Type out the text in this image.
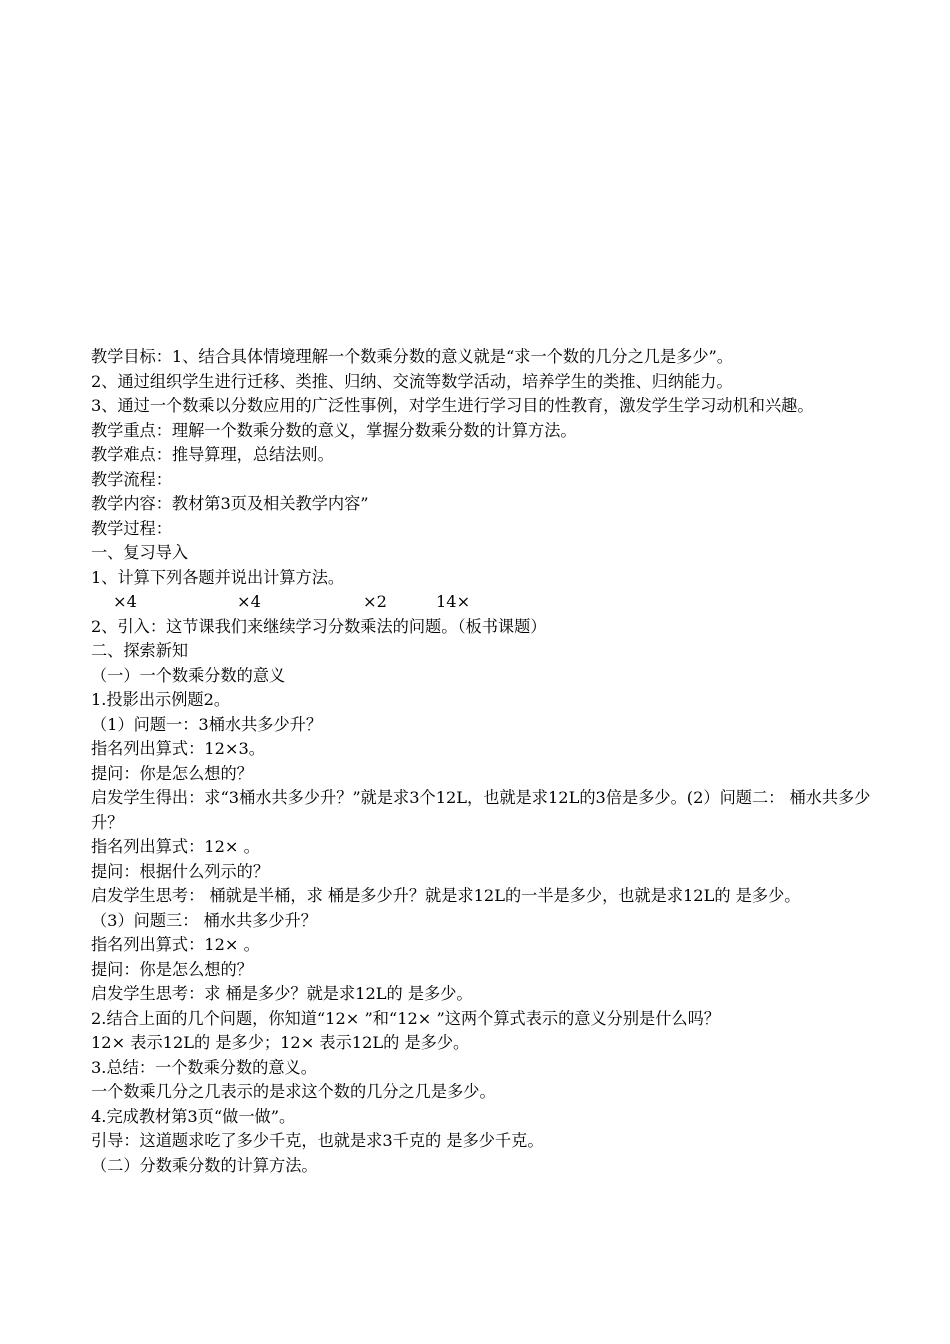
教学目标：1、结合具体情境理解一个数乘分数的意义就是“求一个数的几分之几是多少”。
2、通过组织学生进行迁移、类推、归纳、交流等数学活动，培养学生的类推、归纳能力。
3、通过一个数乘以分数应用的广泛性事例，对学生进行学习目的性教育，激发学生学习动机和兴趣。
教学重点：理解一个数乘分数的意义，掌握分数乘分数的计算方法。
教学难点：推导算理，总结法则。
教学流程：
教学内容：教材第3页及相关教学内容”
教学过程：
一、复习导入
1、计算下列各题并说出计算方法。
×4	×4	×2	14×
2、引入：这节课我们来继续学习分数乘法的问题。（板书课题）
二、探索新知
（一）一个数乘分数的意义
1.投影出示例题2。
（1）问题一：3桶水共多少升？
指名列出算式：12×3。
提问：你是怎么想的？
启发学生得出：求“3桶水共多少升？”就是求3个12L，也就是求12L的3倍是多少。(2）问题二： 桶水共多少升？
指名列出算式：12× 。
提问：根据什么列示的？
启发学生思考： 桶就是半桶，求 桶是多少升？就是求12L的一半是多少，也就是求12L的 是多少。
（3）问题三： 桶水共多少升？
指名列出算式：12× 。
提问：你是怎么想的？
启发学生思考：求 桶是多少？就是求12L的 是多少。
2.结合上面的几个问题，你知道“12× ”和“12× ”这两个算式表示的意义分别是什么吗？
12× 表示12L的 是多少；12× 表示12L的 是多少。
3.总结：一个数乘分数的意义。
一个数乘几分之几表示的是求这个数的几分之几是多少。
4.完成教材第3页“做一做”。
引导：这道题求吃了多少千克，也就是求3千克的 是多少千克。
（二）分数乘分数的计算方法。
